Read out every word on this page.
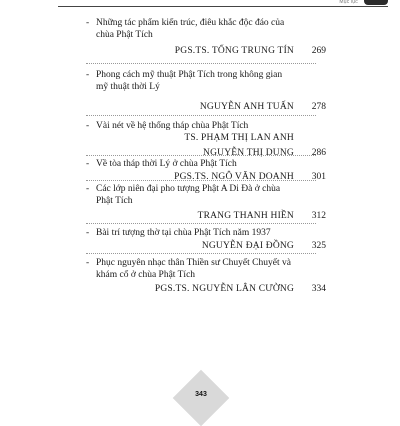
Mục lục
- Những tác phẩm kiến trúc, điêu khắc độc đáo của chùa Phật Tích
PGS.TS. TỐNG TRUNG TÍN	269
- Phong cách mỹ thuật Phật Tích trong không gian mỹ thuật thời Lý
NGUYỄN ANH TUẤN	278
- Vài nét về hệ thống tháp chùa Phật Tích
TS. PHẠM THỊ LAN ANH
NGUYỄN THỊ DUNG	286
- Về tòa tháp thời Lý ở chùa Phật Tích
PGS.TS. NGÔ VĂN DOANH	301
- Các lớp niên đại pho tượng Phật A Di Đà ở chùa Phật Tích
TRANG THANH HIỀN	312
- Bài trí tượng thờ tại chùa Phật Tích năm 1937
NGUYỄN ĐẠI ĐỒNG	325
- Phục nguyên nhạc thân Thiền sư Chuyết Chuyết và khám cổ ở chùa Phật Tích
PGS.TS. NGUYỄN LÂN CƯỜNG	334
343
